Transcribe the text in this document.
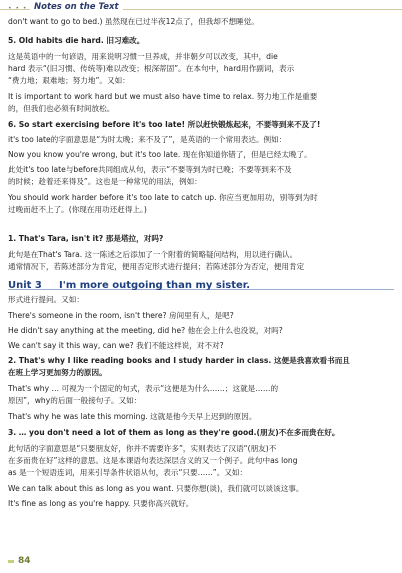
• • • Notes on the Text
Unit 3 I'm more outgoing than my sister.
don't want to go to bed.) 虽然现在已过半夜12点了，但我却不想睡觉。
5. Old habits die hard. 旧习难改。
这是英语中的一句谚语，用来说明习惯一旦养成，并非朝夕可以改变，其中，die
hard 表示“(旧习惯、传统等)难以改变；根深蒂固”。在本句中，hard用作副词，表示
“费力地；艰难地；努力地”。又如：
It is important to work hard but we must also have time to relax. 努力地工作是重要
的，但我们也必须有时间放松。
6. So start exercising before it's too late! 所以赶快锻炼起来，不要等到来不及了!
it's too late的字面意思是“为时太晚；来不及了”，是英语的一个常用表达。例如：
Now you know you're wrong, but it's too late. 现在你知道你错了，但是已经太晚了。
此处it's too late与before共同组成从句，表示“不要等到为时已晚；不要等到来不及
的时候；趁着还来得及”。这也是一种常见的用法，例如：
You should work harder before it's too late to catch up. 你应当更加用功，别等到为时
过晚而赶不上了。(你现在用功还赶得上。)
1. That's Tara, isn't it? 那是塔拉，对吗?
此句是在That's Tara. 这一陈述之后添加了一个附着的简略疑问结构，用以进行确认。
通常情况下，若陈述部分为肯定，便用否定形式进行提问；若陈述部分为否定，便用肯定
形式进行提问。又如：
There's someone in the room, isn't there? 房间里有人，是吧?
He didn't say anything at the meeting, did he? 他在会上什么也没说，对吗?
We can't say it this way, can we? 我们不能这样说，对不对?
2. That's why I like reading books and I study harder in class. 这便是我喜欢看书而且
在班上学习更加努力的原因。
That's why … 可视为一个固定的句式，表示“这便是为什么……；这就是……的
原因”，why的后面一般接句子。又如：
That's why he was late this morning. 这就是他今天早上迟到的原因。
3. … you don't need a lot of them as long as they're good.(朋友)不在多而贵在好。
此句话的字面意思是“只要朋友好，你并不需要许多”，实则表达了汉语“(朋友)不
在多而贵在好”这样的意思。这是本课语句表达深层含义的又一个例子。此句中as long
as 是一个短语连词，用来引导条件状语从句，表示“只要……”。又如：
We can talk about this as long as you want. 只要你想(谈)，我们就可以谈该这事。
It's fine as long as you're happy. 只要你高兴就好。
84
